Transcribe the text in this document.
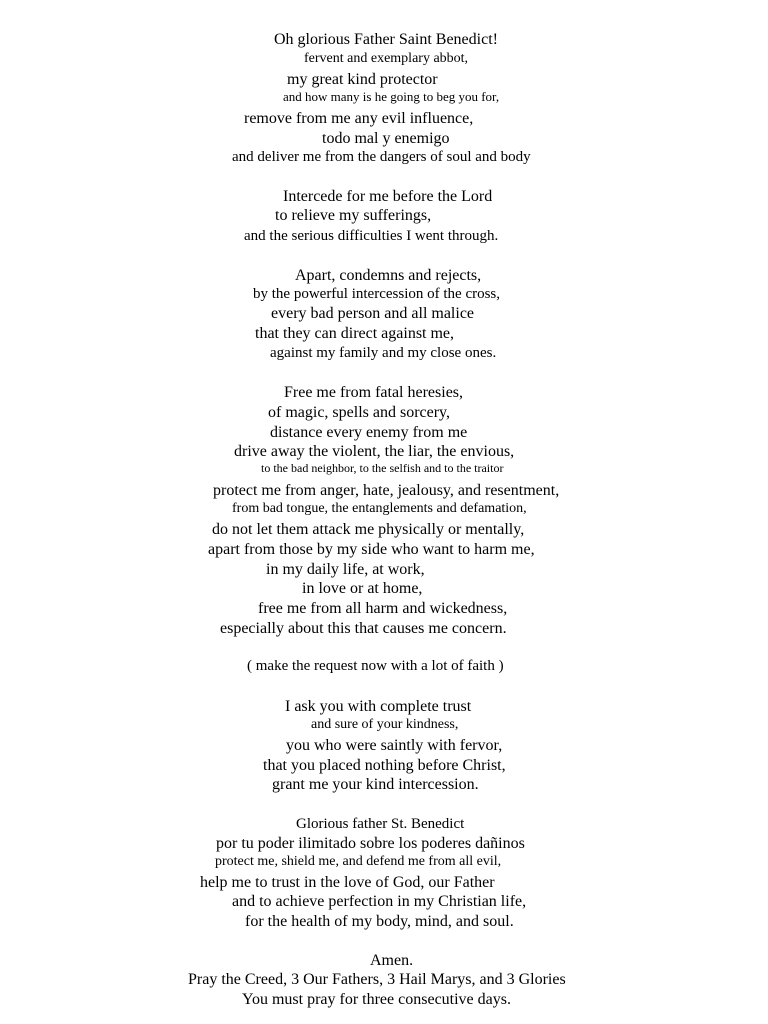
Oh glorious Father Saint Benedict!
fervent and exemplary abbot,
my great kind protector
and how many is he going to beg you for,
remove from me any evil influence,
todo mal y enemigo
and deliver me from the dangers of soul and body
Intercede for me before the Lord
to relieve my sufferings,
and the serious difficulties I went through.
Apart, condemns and rejects,
by the powerful intercession of the cross,
every bad person and all malice
that they can direct against me,
against my family and my close ones.
Free me from fatal heresies,
of magic, spells and sorcery,
distance every enemy from me
drive away the violent, the liar, the envious,
to the bad neighbor, to the selfish and to the traitor
protect me from anger, hate, jealousy, and resentment,
from bad tongue, the entanglements and defamation,
do not let them attack me physically or mentally,
apart from those by my side who want to harm me,
in my daily life, at work,
in love or at home,
free me from all harm and wickedness,
especially about this that causes me concern.
( make the request now with a lot of faith )
I ask you with complete trust
and sure of your kindness,
you who were saintly with fervor,
that you placed nothing before Christ,
grant me your kind intercession.
Glorious father St. Benedict
por tu poder ilimitado sobre los poderes dañinos
protect me, shield me, and defend me from all evil,
help me to trust in the love of God, our Father
and to achieve perfection in my Christian life,
for the health of my body, mind, and soul.
Amen.
Pray the Creed, 3 Our Fathers, 3 Hail Marys, and 3 Glories
You must pray for three consecutive days.
